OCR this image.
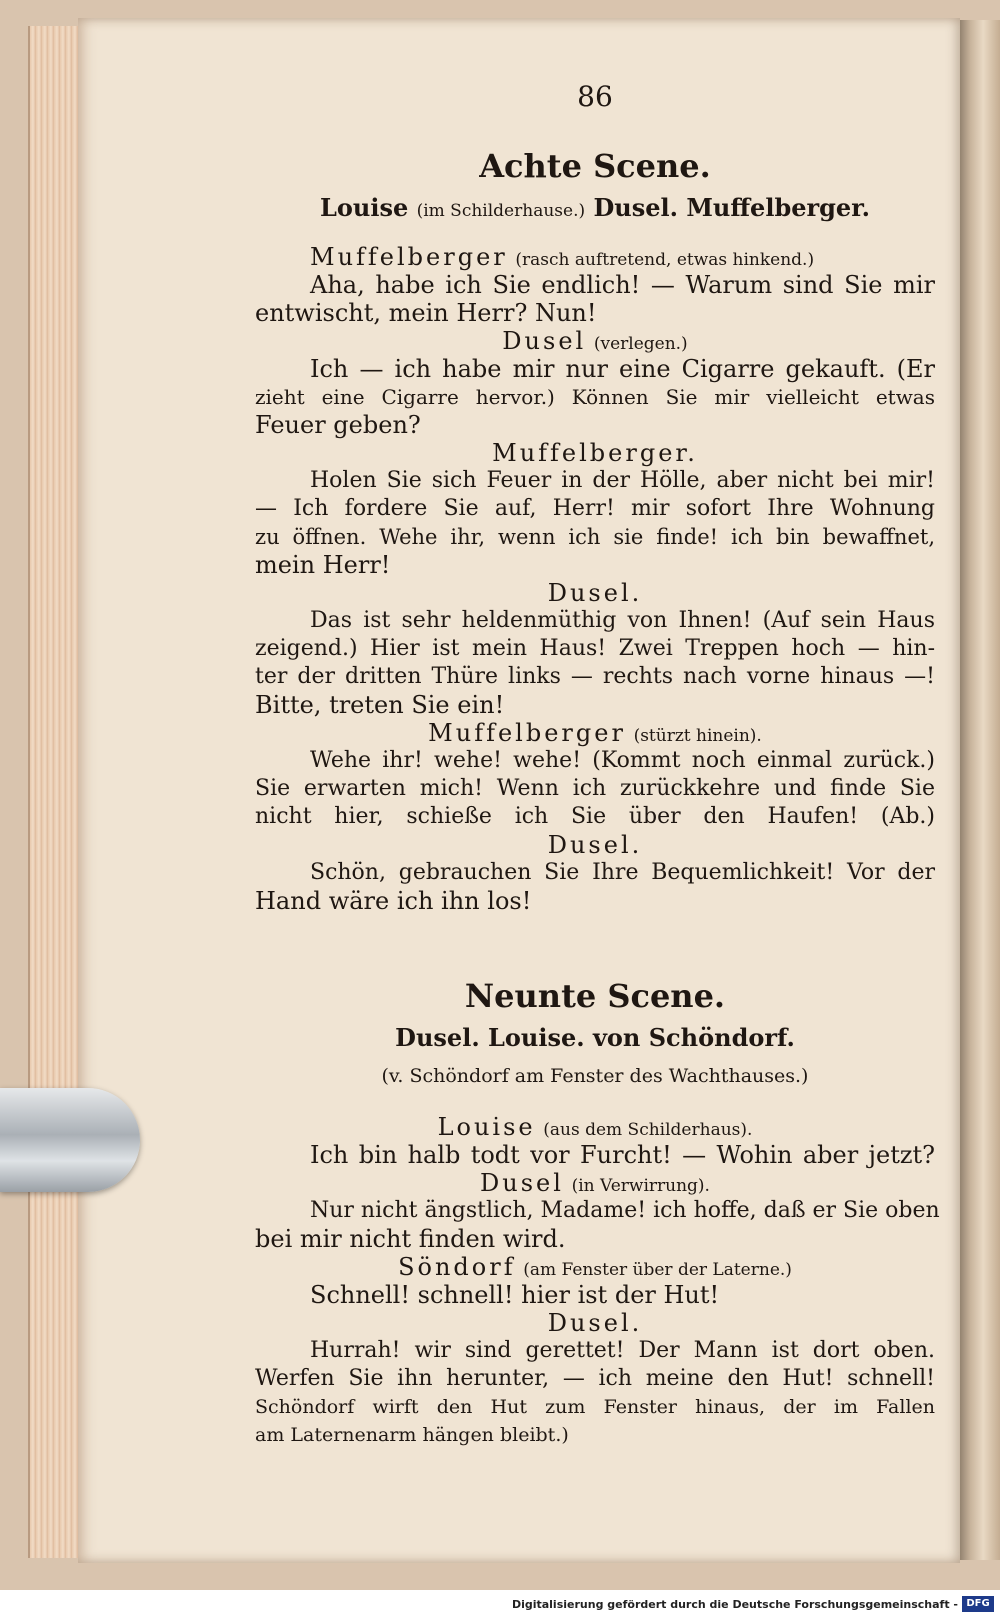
86
Achte Scene.
Louise (im Schilderhause.) Dusel. Muffelberger.
Muffelberger (rasch auftretend, etwas hinkend.)
Aha, habe ich Sie endlich! — Warum sind Sie mir
entwischt, mein Herr? Nun!
Dusel (verlegen.)
Ich — ich habe mir nur eine Cigarre gekauft. (Er
zieht eine Cigarre hervor.) Können Sie mir vielleicht etwas
Feuer geben?
Muffelberger.
Holen Sie sich Feuer in der Hölle, aber nicht bei mir!
— Ich fordere Sie auf, Herr! mir sofort Ihre Wohnung
zu öffnen. Wehe ihr, wenn ich sie finde! ich bin bewaffnet,
mein Herr!
Dusel.
Das ist sehr heldenmüthig von Ihnen! (Auf sein Haus
zeigend.) Hier ist mein Haus! Zwei Treppen hoch — hin-
ter der dritten Thüre links — rechts nach vorne hinaus —!
Bitte, treten Sie ein!
Muffelberger (stürzt hinein).
Wehe ihr! wehe! wehe! (Kommt noch einmal zurück.)
Sie erwarten mich! Wenn ich zurückkehre und finde Sie
nicht hier, schieße ich Sie über den Haufen! (Ab.)
Dusel.
Schön, gebrauchen Sie Ihre Bequemlichkeit! Vor der
Hand wäre ich ihn los!
Neunte Scene.
Dusel. Louise. von Schöndorf.
(v. Schöndorf am Fenster des Wachthauses.)
Louise (aus dem Schilderhaus).
Ich bin halb todt vor Furcht! — Wohin aber jetzt?
Dusel (in Verwirrung).
Nur nicht ängstlich, Madame! ich hoffe, daß er Sie oben
bei mir nicht finden wird.
Söndorf (am Fenster über der Laterne.)
Schnell! schnell! hier ist der Hut!
Dusel.
Hurrah! wir sind gerettet! Der Mann ist dort oben.
Werfen Sie ihn herunter, — ich meine den Hut! schnell!
Schöndorf wirft den Hut zum Fenster hinaus, der im Fallen
am Laternenarm hängen bleibt.)
Digitalisierung gefördert durch die Deutsche Forschungsgemeinschaft - DFG
